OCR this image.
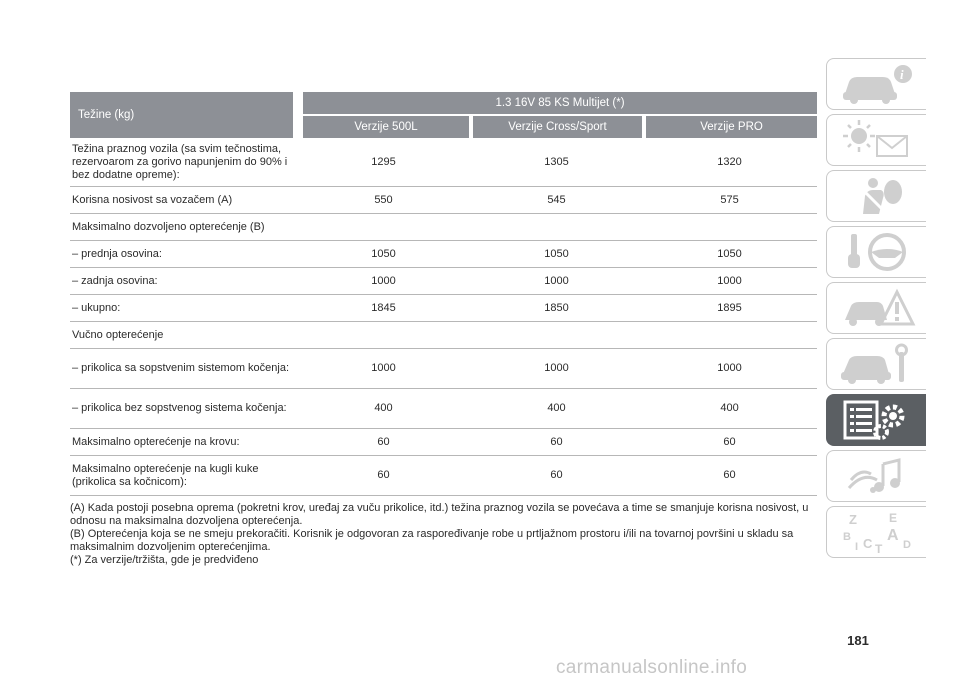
Težine (kg)	1.3 16V 85 KS Multijet (*)		
	Verzije 500L	Verzije Cross/Sport	Verzije PRO
Težina praznog vozila (sa svim tečnostima, rezervoarom za gorivo napunjenim do 90% i bez dodatne opreme):	1295	1305	1320
Korisna nosivost sa vozačem (A)	550	545	575
Maksimalno dozvoljeno opterećenje (B)			
– prednja osovina:	1050	1050	1050
– zadnja osovina:	1000	1000	1000
– ukupno:	1845	1850	1895
Vučno opterećenje			
– prikolica sa sopstvenim sistemom kočenja:	1000	1000	1000
– prikolica bez sopstvenog sistema kočenja:	400	400	400
Maksimalno opterećenje na krovu:	60	60	60
Maksimalno opterećenje na kugli kuke (prikolica sa kočnicom):	60	60	60

(A) Kada postoji posebna oprema (pokretni krov, uređaj za vuču prikolice, itd.) težina praznog vozila se povećava a time se smanjuje korisna nosivost, u odnosu na maksimalna dozvoljena opterećenja.

(B) Opterećenja koja se ne smeju prekoračiti. Korisnik je odgovoran za raspoređivanje robe u prtljažnom prostoru i/ili na tovarnoj površini u skladu sa maksimalnim dozvoljenim opterećenjima.

(*) Za verzije/tržišta, gde je predviđeno

i
Z	E
B A
I C T D
181
carmanualsonline.info
